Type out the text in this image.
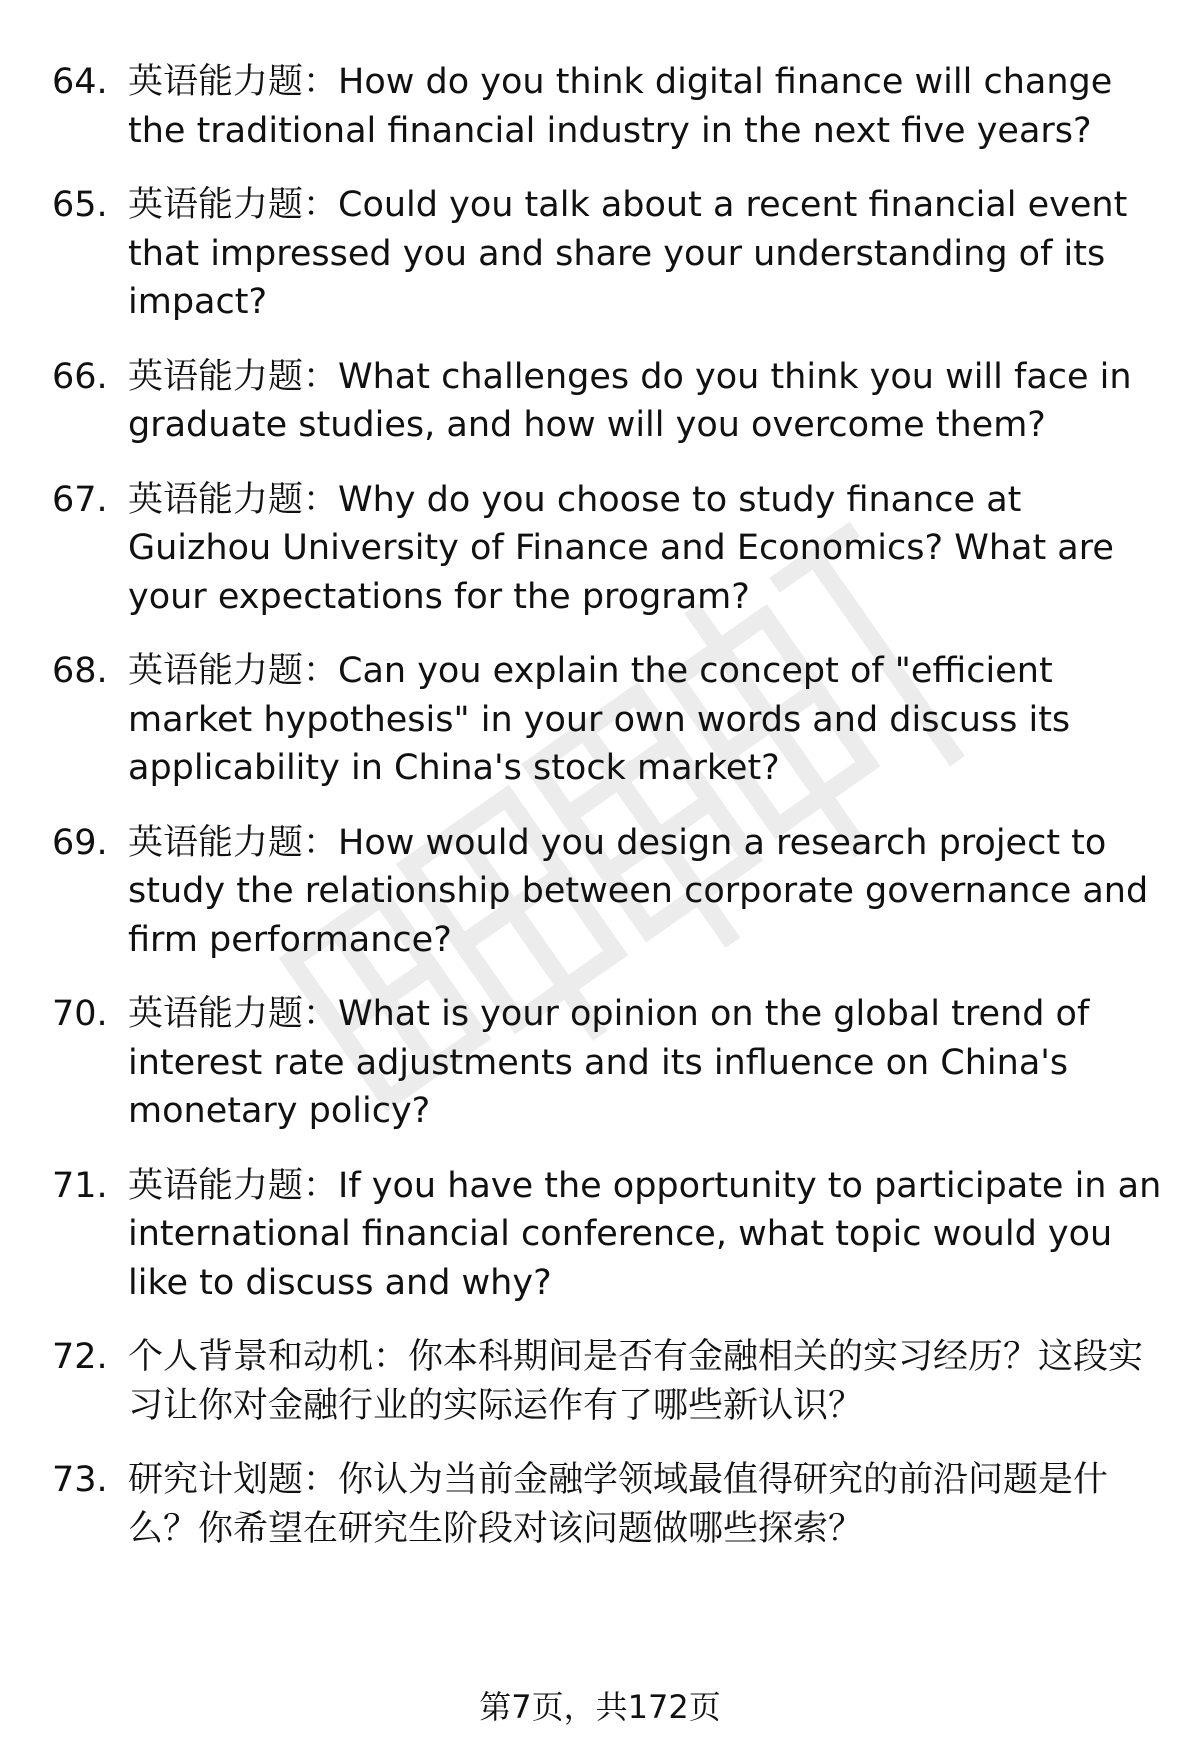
64. 英语能力题：How do you think digital finance will change the traditional financial industry in the next five years?
65. 英语能力题：Could you talk about a recent financial event that impressed you and share your understanding of its impact?
66. 英语能力题：What challenges do you think you will face in graduate studies, and how will you overcome them?
67. 英语能力题：Why do you choose to study finance at Guizhou University of Finance and Economics? What are your expectations for the program?
68. 英语能力题：Can you explain the concept of "efficient market hypothesis" in your own words and discuss its applicability in China's stock market?
69. 英语能力题：How would you design a research project to study the relationship between corporate governance and firm performance?
70. 英语能力题：What is your opinion on the global trend of interest rate adjustments and its influence on China's monetary policy?
71. 英语能力题：If you have the opportunity to participate in an international financial conference, what topic would you like to discuss and why?
72. 个人背景和动机：你本科期间是否有金融相关的实习经历？这段实习让你对金融行业的实际运作有了哪些新认识？
73. 研究计划题：你认为当前金融学领域最值得研究的前沿问题是什么？你希望在研究生阶段对该问题做哪些探索？
第7页，共172页
